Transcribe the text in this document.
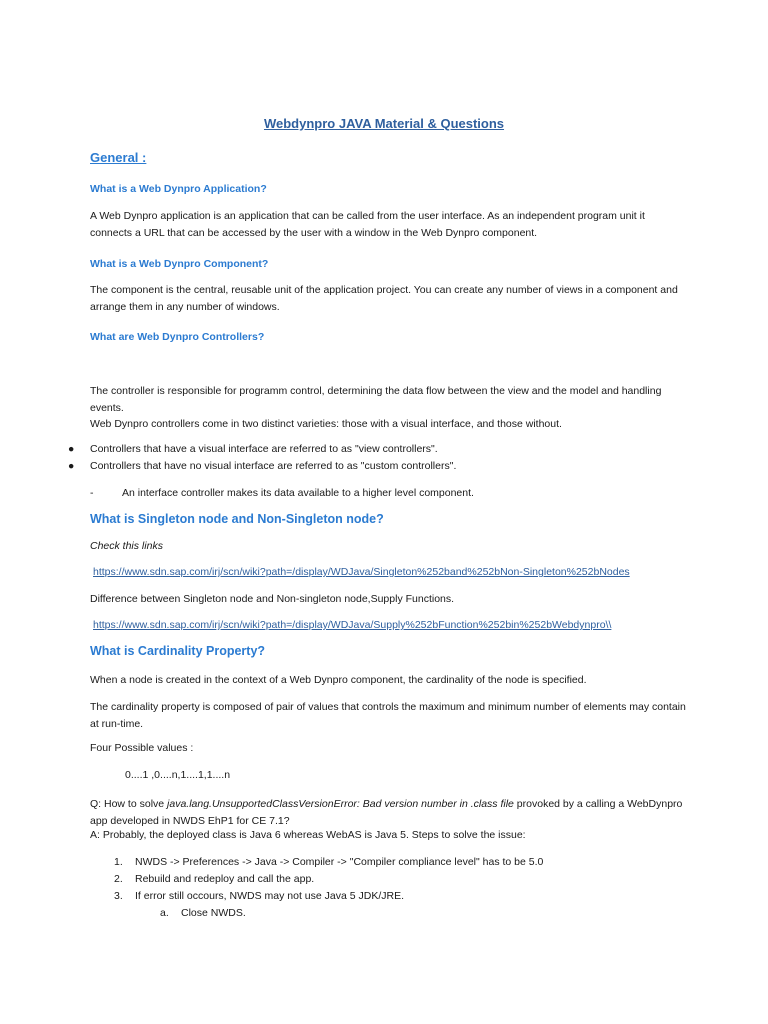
Webdynpro JAVA Material & Questions

General :

What is a Web Dynpro Application?

A Web Dynpro application is an application that can be called from the user interface. As an independent program unit it connects a URL that can be accessed by the user with a window in the Web Dynpro component.

What is a Web Dynpro Component?

The component is the central, reusable unit of the application project. You can create any number of views in a component and arrange them in any number of windows.

What are Web Dynpro Controllers?

The controller is responsible for programm control, determining the data flow between the view and the model and handling events.

Web Dynpro controllers come in two distinct varieties: those with a visual interface, and those without.

● Controllers that have a visual interface are referred to as "view controllers".

● Controllers that have no visual interface are referred to as "custom controllers".

-	An interface controller makes its data available to a higher level component.

What is Singleton node and Non-Singleton node?

Check this links

https://www.sdn.sap.com/irj/scn/wiki?path=/display/WDJava/Singleton%252band%252bNon-Singleton%252bNodes

Difference between Singleton node and Non-singleton node,Supply Functions.

https://www.sdn.sap.com/irj/scn/wiki?path=/display/WDJava/Supply%252bFunction%252bin%252bWebdynpro\\

What is Cardinality Property?

When a node is created in the context of a Web Dynpro component, the cardinality of the node is specified.

The cardinality property is composed of pair of values that controls the maximum and minimum number of elements may contain at run-time.

Four Possible values :

0....1 ,0....n,1....1,1....n

Q: How to solve java.lang.UnsupportedClassVersionError: Bad version number in .class file provoked by a calling a WebDynpro app developed in NWDS EhP1 for CE 7.1?

A: Probably, the deployed class is Java 6 whereas WebAS is Java 5. Steps to solve the issue:

1. NWDS -> Preferences -> Java -> Compiler -> "Compiler compliance level" has to be 5.0

2. Rebuild and redeploy and call the app.

3. If error still occours, NWDS may not use Java 5 JDK/JRE.

a. Close NWDS.
